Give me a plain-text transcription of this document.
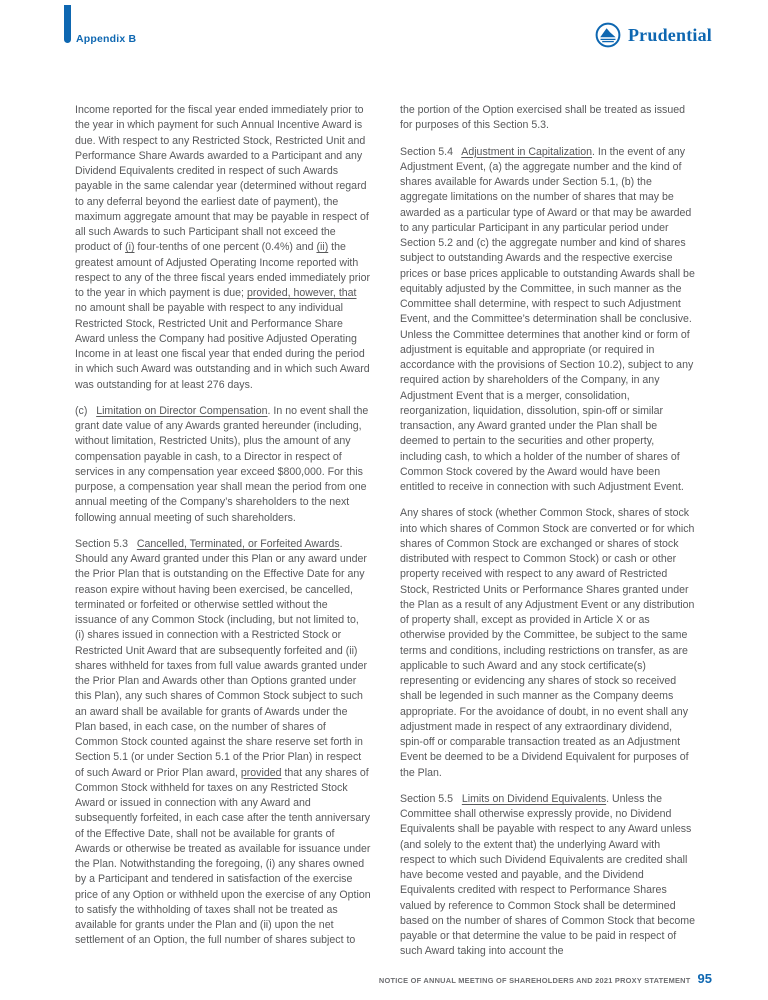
Appendix B	Prudential
Income reported for the fiscal year ended immediately prior to the year in which payment for such Annual Incentive Award is due. With respect to any Restricted Stock, Restricted Unit and Performance Share Awards awarded to a Participant and any Dividend Equivalents credited in respect of such Awards payable in the same calendar year (determined without regard to any deferral beyond the earliest date of payment), the maximum aggregate amount that may be payable in respect of all such Awards to such Participant shall not exceed the product of (i) four-tenths of one percent (0.4%) and (ii) the greatest amount of Adjusted Operating Income reported with respect to any of the three fiscal years ended immediately prior to the year in which payment is due; provided, however, that no amount shall be payable with respect to any individual Restricted Stock, Restricted Unit and Performance Share Award unless the Company had positive Adjusted Operating Income in at least one fiscal year that ended during the period in which such Award was outstanding and in which such Award was outstanding for at least 276 days.
(c)   Limitation on Director Compensation. In no event shall the grant date value of any Awards granted hereunder (including, without limitation, Restricted Units), plus the amount of any compensation payable in cash, to a Director in respect of services in any compensation year exceed $800,000. For this purpose, a compensation year shall mean the period from one annual meeting of the Company’s shareholders to the next following annual meeting of such shareholders.
Section 5.3   Cancelled, Terminated, or Forfeited Awards. Should any Award granted under this Plan or any award under the Prior Plan that is outstanding on the Effective Date for any reason expire without having been exercised, be cancelled, terminated or forfeited or otherwise settled without the issuance of any Common Stock (including, but not limited to, (i) shares issued in connection with a Restricted Stock or Restricted Unit Award that are subsequently forfeited and (ii) shares withheld for taxes from full value awards granted under the Prior Plan and Awards other than Options granted under this Plan), any such shares of Common Stock subject to such an award shall be available for grants of Awards under the Plan based, in each case, on the number of shares of Common Stock counted against the share reserve set forth in Section 5.1 (or under Section 5.1 of the Prior Plan) in respect of such Award or Prior Plan award, provided that any shares of Common Stock withheld for taxes on any Restricted Stock Award or issued in connection with any Award and subsequently forfeited, in each case after the tenth anniversary of the Effective Date, shall not be available for grants of Awards or otherwise be treated as available for issuance under the Plan. Notwithstanding the foregoing, (i) any shares owned by a Participant and tendered in satisfaction of the exercise price of any Option or withheld upon the exercise of any Option to satisfy the withholding of taxes shall not be treated as available for grants under the Plan and (ii) upon the net settlement of an Option, the full number of shares subject to
the portion of the Option exercised shall be treated as issued for purposes of this Section 5.3.
Section 5.4   Adjustment in Capitalization. In the event of any Adjustment Event, (a) the aggregate number and the kind of shares available for Awards under Section 5.1, (b) the aggregate limitations on the number of shares that may be awarded as a particular type of Award or that may be awarded to any particular Participant in any particular period under Section 5.2 and (c) the aggregate number and kind of shares subject to outstanding Awards and the respective exercise prices or base prices applicable to outstanding Awards shall be equitably adjusted by the Committee, in such manner as the Committee shall determine, with respect to such Adjustment Event, and the Committee’s determination shall be conclusive. Unless the Committee determines that another kind or form of adjustment is equitable and appropriate (or required in accordance with the provisions of Section 10.2), subject to any required action by shareholders of the Company, in any Adjustment Event that is a merger, consolidation, reorganization, liquidation, dissolution, spin-off or similar transaction, any Award granted under the Plan shall be deemed to pertain to the securities and other property, including cash, to which a holder of the number of shares of Common Stock covered by the Award would have been entitled to receive in connection with such Adjustment Event.
Any shares of stock (whether Common Stock, shares of stock into which shares of Common Stock are converted or for which shares of Common Stock are exchanged or shares of stock distributed with respect to Common Stock) or cash or other property received with respect to any award of Restricted Stock, Restricted Units or Performance Shares granted under the Plan as a result of any Adjustment Event or any distribution of property shall, except as provided in Article X or as otherwise provided by the Committee, be subject to the same terms and conditions, including restrictions on transfer, as are applicable to such Award and any stock certificate(s) representing or evidencing any shares of stock so received shall be legended in such manner as the Company deems appropriate. For the avoidance of doubt, in no event shall any adjustment made in respect of any extraordinary dividend, spin-off or comparable transaction treated as an Adjustment Event be deemed to be a Dividend Equivalent for purposes of the Plan.
Section 5.5   Limits on Dividend Equivalents. Unless the Committee shall otherwise expressly provide, no Dividend Equivalents shall be payable with respect to any Award unless (and solely to the extent that) the underlying Award with respect to which such Dividend Equivalents are credited shall have become vested and payable, and the Dividend Equivalents credited with respect to Performance Shares valued by reference to Common Stock shall be determined based on the number of shares of Common Stock that become payable or that determine the value to be paid in respect of such Award taking into account the
NOTICE OF ANNUAL MEETING OF SHAREHOLDERS AND 2021 PROXY STATEMENT 95
